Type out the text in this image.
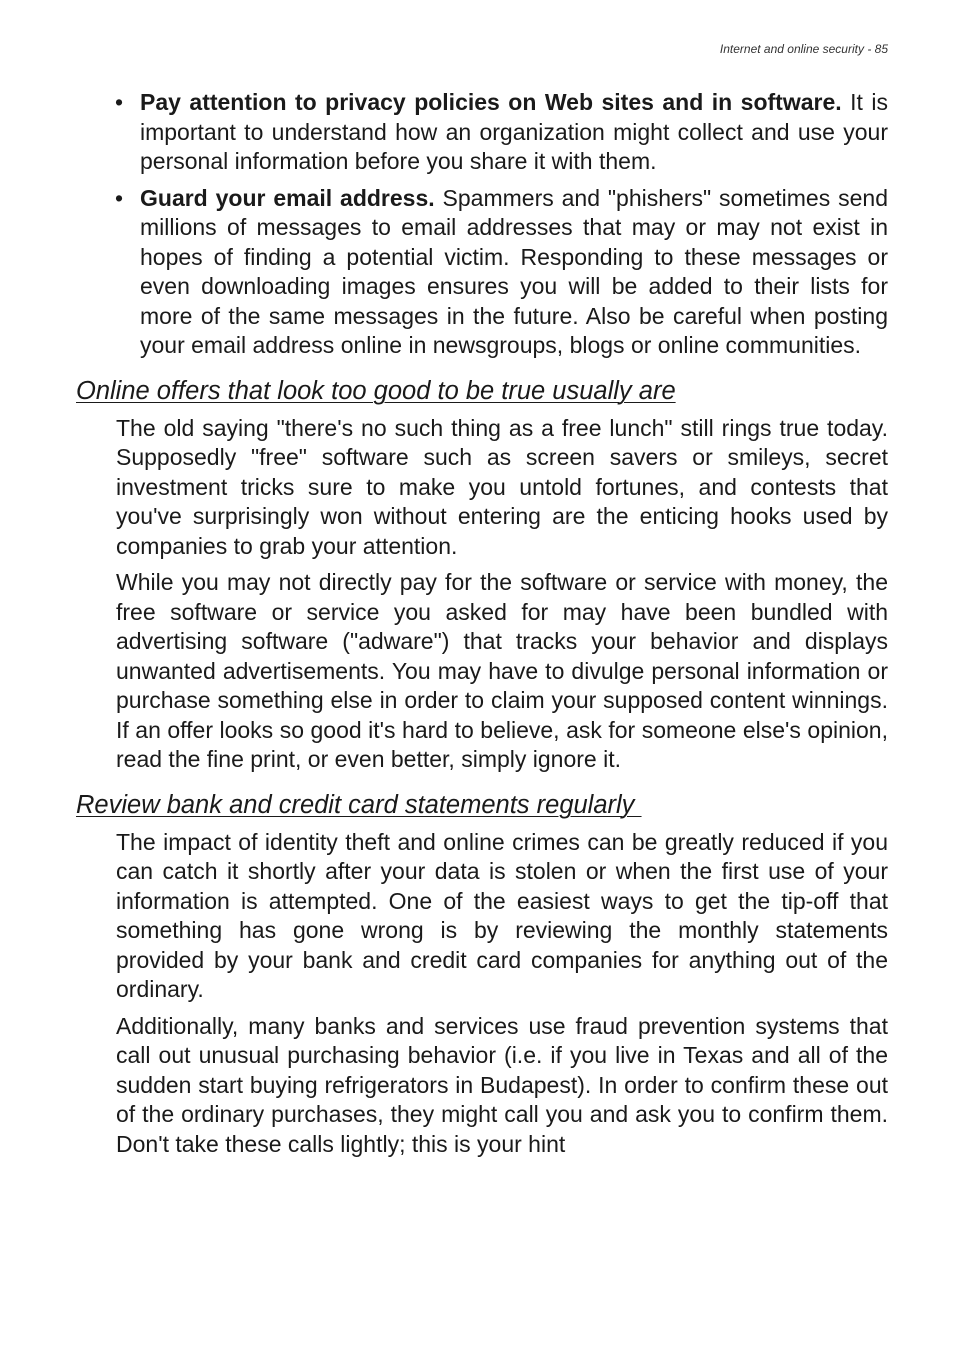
Internet and online security - 85
• Pay attention to privacy policies on Web sites and in software. It is important to understand how an organization might collect and use your personal information before you share it with them.
• Guard your email address. Spammers and "phishers" sometimes send millions of messages to email addresses that may or may not exist in hopes of finding a potential victim. Responding to these messages or even downloading images ensures you will be added to their lists for more of the same messages in the future. Also be careful when posting your email address online in newsgroups, blogs or online communities.
Online offers that look too good to be true usually are

The old saying "there's no such thing as a free lunch" still rings true today. Supposedly "free" software such as screen savers or smileys, secret investment tricks sure to make you untold fortunes, and contests that you've surprisingly won without entering are the enticing hooks used by companies to grab your attention.

While you may not directly pay for the software or service with money, the free software or service you asked for may have been bundled with advertising software ("adware") that tracks your behavior and displays unwanted advertisements. You may have to divulge personal information or purchase something else in order to claim your supposed content winnings. If an offer looks so good it's hard to believe, ask for someone else's opinion, read the fine print, or even better, simply ignore it.

Review bank and credit card statements regularly

The impact of identity theft and online crimes can be greatly reduced if you can catch it shortly after your data is stolen or when the first use of your information is attempted. One of the easiest ways to get the tip-off that something has gone wrong is by reviewing the monthly statements provided by your bank and credit card companies for anything out of the ordinary.

Additionally, many banks and services use fraud prevention systems that call out unusual purchasing behavior (i.e. if you live in Texas and all of the sudden start buying refrigerators in Budapest). In order to confirm these out of the ordinary purchases, they might call you and ask you to confirm them. Don't take these calls lightly; this is your hint
